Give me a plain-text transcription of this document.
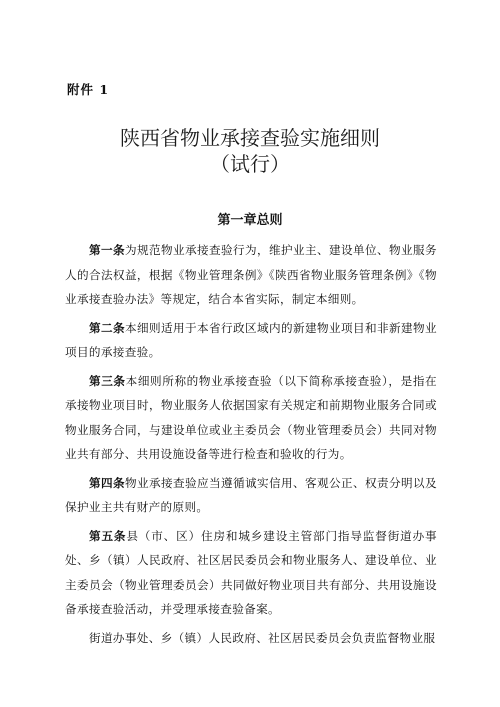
附件 1
陕西省物业承接查验实施细则
（试行）
第一章总则

第一条为规范物业承接查验行为，维护业主、建设单位、物业服务人的合法权益，根据《物业管理条例》《陕西省物业服务管理条例》《物业承接查验办法》等规定，结合本省实际，制定本细则。

第二条本细则适用于本省行政区域内的新建物业项目和非新建物业项目的承接查验。

第三条本细则所称的物业承接查验（以下简称承接查验），是指在承接物业项目时，物业服务人依据国家有关规定和前期物业服务合同或物业服务合同，与建设单位或业主委员会（物业管理委员会）共同对物业共有部分、共用设施设备等进行检查和验收的行为。

第四条物业承接查验应当遵循诚实信用、客观公正、权责分明以及保护业主共有财产的原则。

第五条县（市、区）住房和城乡建设主管部门指导监督街道办事处、乡（镇）人民政府、社区居民委员会和物业服务人、建设单位、业主委员会（物业管理委员会）共同做好物业项目共有部分、共用设施设备承接查验活动，并受理承接查验备案。

街道办事处、乡（镇）人民政府、社区居民委员会负责监督物业服
